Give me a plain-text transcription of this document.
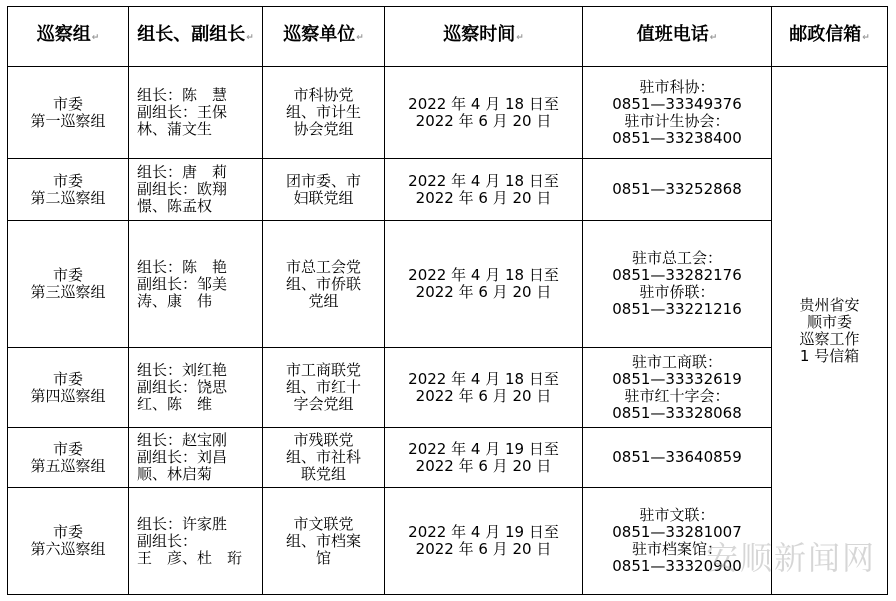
巡察组↵	组长、副组长↵	巡察单位↵	巡察时间↵	值班电话↵	邮政信箱↵

市委
第一巡察组	组长：陈　慧
副组长：王保
林、蒲文生	市科协党
组、市计生
协会党组	2022 年 4 月 18 日至
2022 年 6 月 20 日	驻市科协：
0851—33349376
驻市计生协会：
0851—33238400	贵州省安
顺市委
巡察工作
1 号信箱

市委
第二巡察组	组长：唐　莉
副组长：欧翔
憬、陈孟权	团市委、市
妇联党组	2022 年 4 月 18 日至
2022 年 6 月 20 日	0851—33252868	

市委
第三巡察组	组长：陈　艳
副组长：邹美
涛、康　伟	市总工会党
组、市侨联
党组	2022 年 4 月 18 日至
2022 年 6 月 20 日	驻市总工会：
0851—33282176
驻市侨联：
0851—33221216	

市委
第四巡察组	组长：刘红艳
副组长：饶思
红、陈　维	市工商联党
组、市红十
字会党组	2022 年 4 月 18 日至
2022 年 6 月 20 日	驻市工商联：
0851—33332619
驻市红十字会：
0851—33328068	

市委
第五巡察组	组长：赵宝刚
副组长：刘昌
顺、林启菊	市残联党
组、市社科
联党组	2022 年 4 月 19 日至
2022 年 6 月 20 日	0851—33640859	

市委
第六巡察组	组长：许家胜
副组长：
王　彦、杜　珩	市文联党
组、市档案
馆	2022 年 4 月 19 日至
2022 年 6 月 20 日	驻市文联：
0851—33281007
驻市档案馆：
0851—33320900	
安顺新闻网
